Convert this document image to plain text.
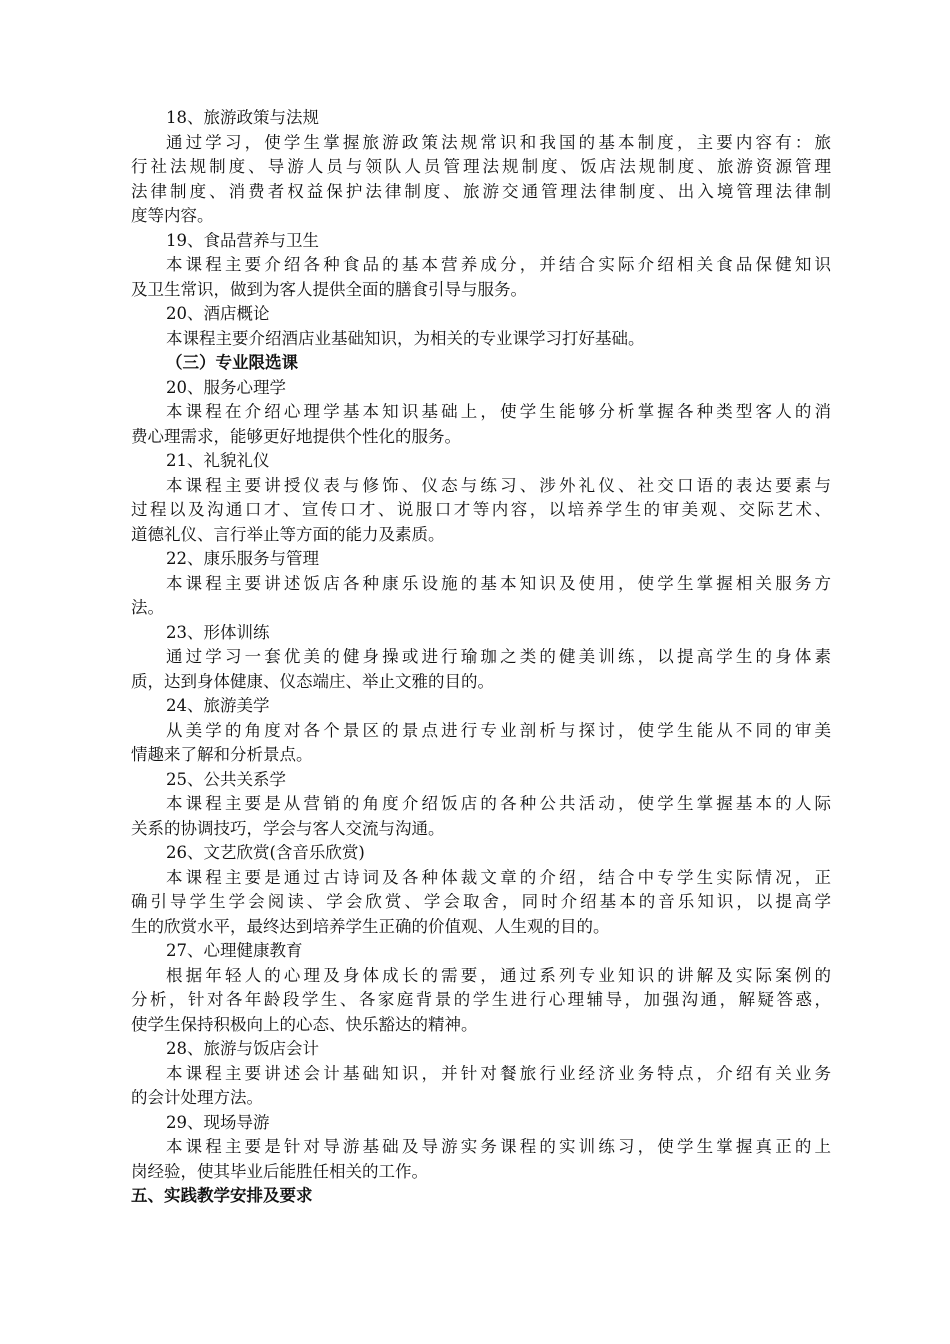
18、旅游政策与法规
通过学习，使学生掌握旅游政策法规常识和我国的基本制度，主要内容有：旅
行社法规制度、导游人员与领队人员管理法规制度、饭店法规制度、旅游资源管理
法律制度、消费者权益保护法律制度、旅游交通管理法律制度、出入境管理法律制
度等内容。
19、食品营养与卫生
本课程主要介绍各种食品的基本营养成分，并结合实际介绍相关食品保健知识
及卫生常识，做到为客人提供全面的膳食引导与服务。
20、酒店概论
本课程主要介绍酒店业基础知识，为相关的专业课学习打好基础。
（三）专业限选课
20、服务心理学
本课程在介绍心理学基本知识基础上，使学生能够分析掌握各种类型客人的消
费心理需求，能够更好地提供个性化的服务。
21、礼貌礼仪
本课程主要讲授仪表与修饰、仪态与练习、涉外礼仪、社交口语的表达要素与
过程以及沟通口才、宣传口才、说服口才等内容，以培养学生的审美观、交际艺术、
道德礼仪、言行举止等方面的能力及素质。
22、康乐服务与管理
本课程主要讲述饭店各种康乐设施的基本知识及使用，使学生掌握相关服务方
法。
23、形体训练
通过学习一套优美的健身操或进行瑜珈之类的健美训练，以提高学生的身体素
质，达到身体健康、仪态端庄、举止文雅的目的。
24、旅游美学
从美学的角度对各个景区的景点进行专业剖析与探讨，使学生能从不同的审美
情趣来了解和分析景点。
25、公共关系学
本课程主要是从营销的角度介绍饭店的各种公共活动，使学生掌握基本的人际
关系的协调技巧，学会与客人交流与沟通。
26、文艺欣赏(含音乐欣赏)
本课程主要是通过古诗词及各种体裁文章的介绍，结合中专学生实际情况，正
确引导学生学会阅读、学会欣赏、学会取舍，同时介绍基本的音乐知识，以提高学
生的欣赏水平，最终达到培养学生正确的价值观、人生观的目的。
27、心理健康教育
根据年轻人的心理及身体成长的需要，通过系列专业知识的讲解及实际案例的
分析，针对各年龄段学生、各家庭背景的学生进行心理辅导，加强沟通，解疑答惑，
使学生保持积极向上的心态、快乐豁达的精神。
28、旅游与饭店会计
本课程主要讲述会计基础知识，并针对餐旅行业经济业务特点，介绍有关业务
的会计处理方法。
29、现场导游
本课程主要是针对导游基础及导游实务课程的实训练习，使学生掌握真正的上
岗经验，使其毕业后能胜任相关的工作。
五、实践教学安排及要求
